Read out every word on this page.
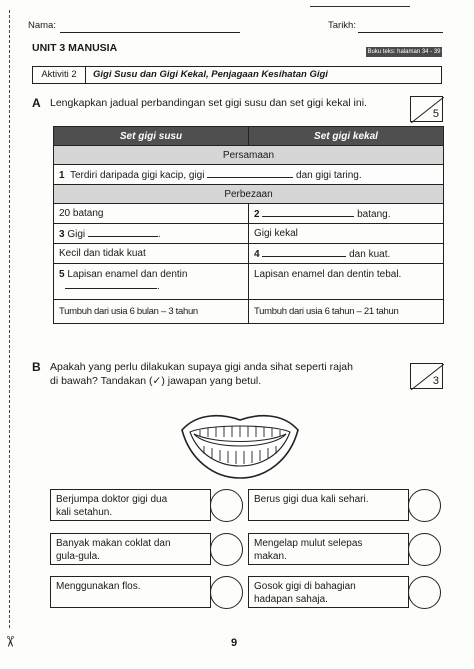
✂
Nama:	Tarikh:
UNIT 3 MANUSIA	Buku teks: halaman 34 - 39
Aktiviti 2	Gigi Susu dan Gigi Kekal, Penjagaan Kesihatan Gigi
A Lengkapkan jadual perbandingan set gigi susu dan set gigi kekal ini.
5
Set gigi susu	Set gigi kekal
Persamaan	
1 Terdiri daripada gigi kacip, gigi dan gigi taring.	
Perbezaan	
20 batang	2 batang.
3 Gigi .	Gigi kekal
Kecil dan tidak kuat	4 dan kuat.
5 Lapisan enamel dan dentin
.	Lapisan enamel dan dentin tebal.
Tumbuh dari usia 6 bulan – 3 tahun	Tumbuh dari usia 6 tahun – 21 tahun
B Apakah yang perlu dilakukan supaya gigi anda sihat seperti rajah
di bawah? Tandakan (✓) jawapan yang betul.	3
Berjumpa doktor gigi dua
kali setahun.
Berus gigi dua kali sehari.

Banyak makan coklat dan
gula-gula.
Mengelap mulut selepas
makan.
Menggunakan flos.	Gosok gigi di bahagian
hadapan sahaja.
9
